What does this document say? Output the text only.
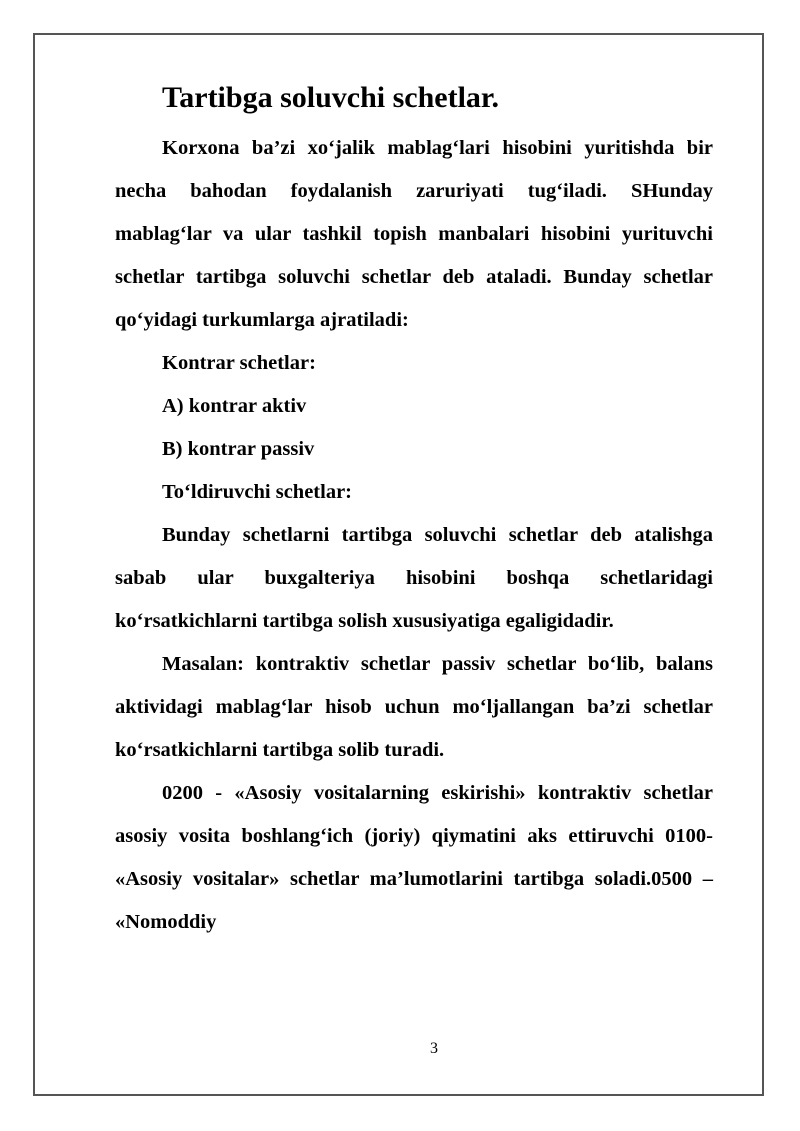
Tartibga soluvchi schetlar.

Korxona ba’zi xo‘jalik mablag‘lari hisobini yuritishda bir necha bahodan foydalanish zaruriyati tug‘iladi. SHunday mablag‘lar va ular tashkil topish manbalari hisobini yurituvchi schetlar tartibga soluvchi schetlar deb ataladi. Bunday schetlar qo‘yidagi turkumlarga ajratiladi:

Kontrar schetlar:

A) kontrar aktiv

B) kontrar passiv

To‘ldiruvchi schetlar:

Bunday schetlarni tartibga soluvchi schetlar deb atalishga sabab ular buxgalteriya hisobini boshqa schetlaridagi ko‘rsatkichlarni tartibga solish xususiyatiga egaligidadir.

Masalan: kontraktiv schetlar passiv schetlar bo‘lib, balans aktividagi mablag‘lar hisob uchun mo‘ljallangan ba’zi schetlar ko‘rsatkichlarni tartibga solib turadi.

0200 - «Asosiy vositalarning eskirishi» kontraktiv schetlar asosiy vosita boshlang‘ich (joriy) qiymatini aks ettiruvchi 0100- «Asosiy vositalar» schetlar ma’lumotlarini tartibga soladi.0500 – «Nomoddiy

3
